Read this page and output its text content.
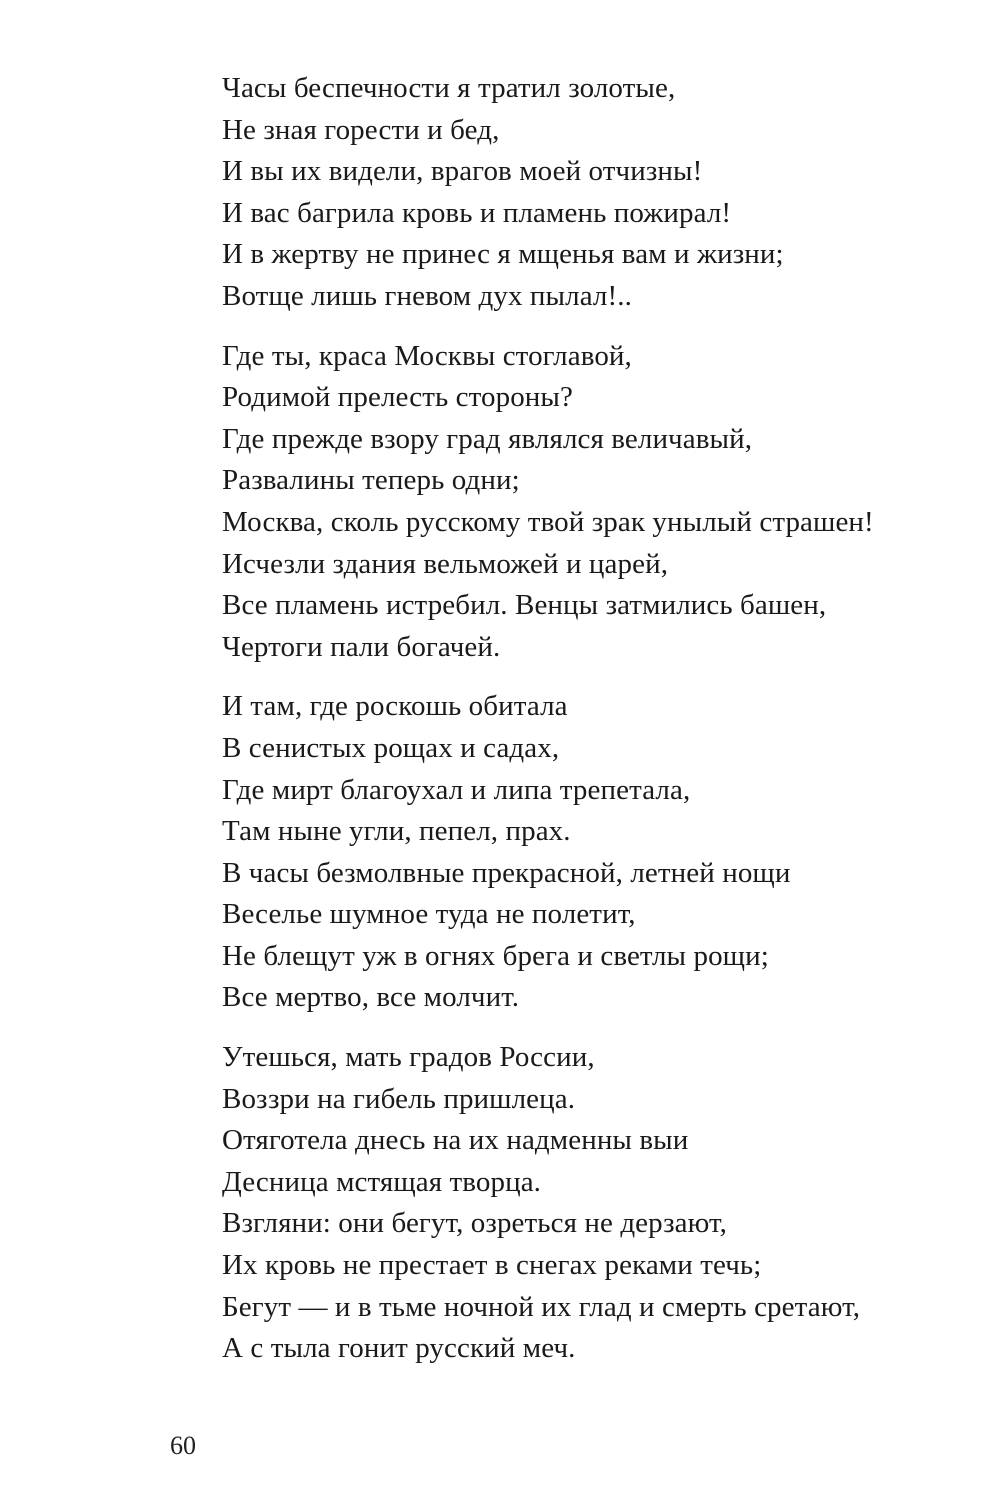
Часы беспечности я тратил золотые,
Не зная горести и бед,
И вы их видели, врагов моей отчизны!
И вас багрила кровь и пламень пожирал!
И в жертву не принес я мщенья вам и жизни;
Вотще лишь гневом дух пылал!..
Где ты, краса Москвы стоглавой,
Родимой прелесть стороны?
Где прежде взору град являлся величавый,
Развалины теперь одни;
Москва, сколь русскому твой зрак унылый страшен!
Исчезли здания вельможей и царей,
Все пламень истребил. Венцы затмились башен,
Чертоги пали богачей.
И там, где роскошь обитала
В сенистых рощах и садах,
Где мирт благоухал и липа трепетала,
Там ныне угли, пепел, прах.
В часы безмолвные прекрасной, летней нощи
Веселье шумное туда не полетит,
Не блещут уж в огнях брега и светлы рощи;
Все мертво, все молчит.
Утешься, мать градов России,
Воззри на гибель пришлеца.
Отяготела днесь на их надменны выи
Десница мстящая творца.
Взгляни: они бегут, озреться не дерзают,
Их кровь не престает в снегах реками течь;
Бегут — и в тьме ночной их глад и смерть сретают,
А с тыла гонит русский меч.
60
